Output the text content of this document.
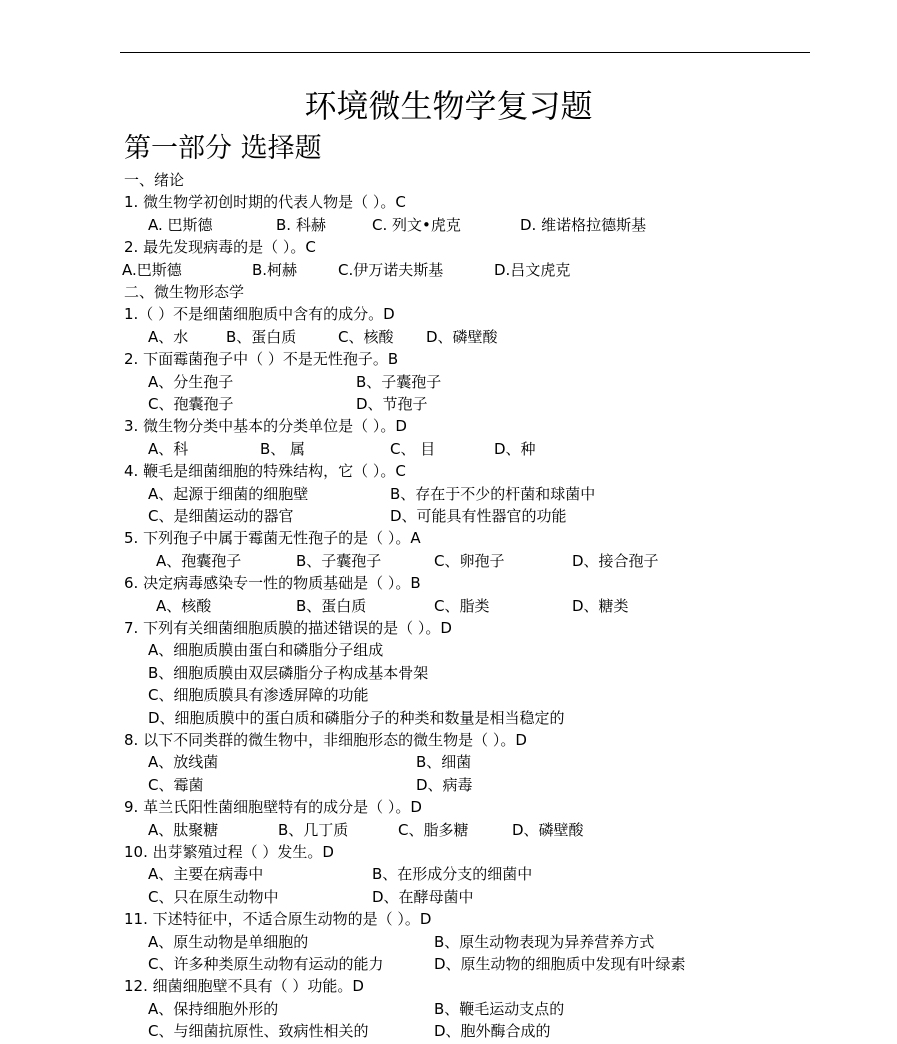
环境微生物学复习题
第一部分 选择题
一、绪论
1. 微生物学初创时期的代表人物是（ ）。C
A. 巴斯德	B. 科赫	C. 列文•虎克	D. 维诺格拉德斯基
2. 最先发现病毒的是（ ）。C
A.巴斯德	B.柯赫	C.伊万诺夫斯基	D.吕文虎克
二、微生物形态学
1.（ ）不是细菌细胞质中含有的成分。D
A、水	B、蛋白质	C、核酸 D、磷壁酸
2. 下面霉菌孢子中（ ）不是无性孢子。B
A、分生孢子	B、子囊孢子
C、孢囊孢子	D、节孢子
3. 微生物分类中基本的分类单位是（ ）。D
A、科	B、 属	C、 目	D、种
4. 鞭毛是细菌细胞的特殊结构，它（ ）。C
A、起源于细菌的细胞壁	B、存在于不少的杆菌和球菌中
C、是细菌运动的器官	D、可能具有性器官的功能
5. 下列孢子中属于霉菌无性孢子的是（ ）。A
A、孢囊孢子	B、子囊孢子	C、卵孢子	D、接合孢子
6. 决定病毒感染专一性的物质基础是（ ）。B
A、核酸	B、蛋白质	C、脂类	D、糖类
7. 下列有关细菌细胞质膜的描述错误的是（ ）。D
A、细胞质膜由蛋白和磷脂分子组成
B、细胞质膜由双层磷脂分子构成基本骨架
C、细胞质膜具有渗透屏障的功能
D、细胞质膜中的蛋白质和磷脂分子的种类和数量是相当稳定的
8. 以下不同类群的微生物中，非细胞形态的微生物是（ ）。D
A、放线菌	B、细菌
C、霉菌	D、病毒
9. 革兰氏阳性菌细胞壁特有的成分是（ ）。D
A、肽聚糖	B、几丁质	C、脂多糖	D、磷壁酸
10. 出芽繁殖过程（ ）发生。D
A、主要在病毒中	B、在形成分支的细菌中
C、只在原生动物中	D、在酵母菌中
11. 下述特征中，不适合原生动物的是（ ）。D
A、原生动物是单细胞的	B、原生动物表现为异养营养方式
C、许多种类原生动物有运动的能力	D、原生动物的细胞质中发现有叶绿素
12. 细菌细胞壁不具有（ ）功能。D
A、保持细胞外形的	B、鞭毛运动支点的
C、与细菌抗原性、致病性相关的	D、胞外酶合成的
